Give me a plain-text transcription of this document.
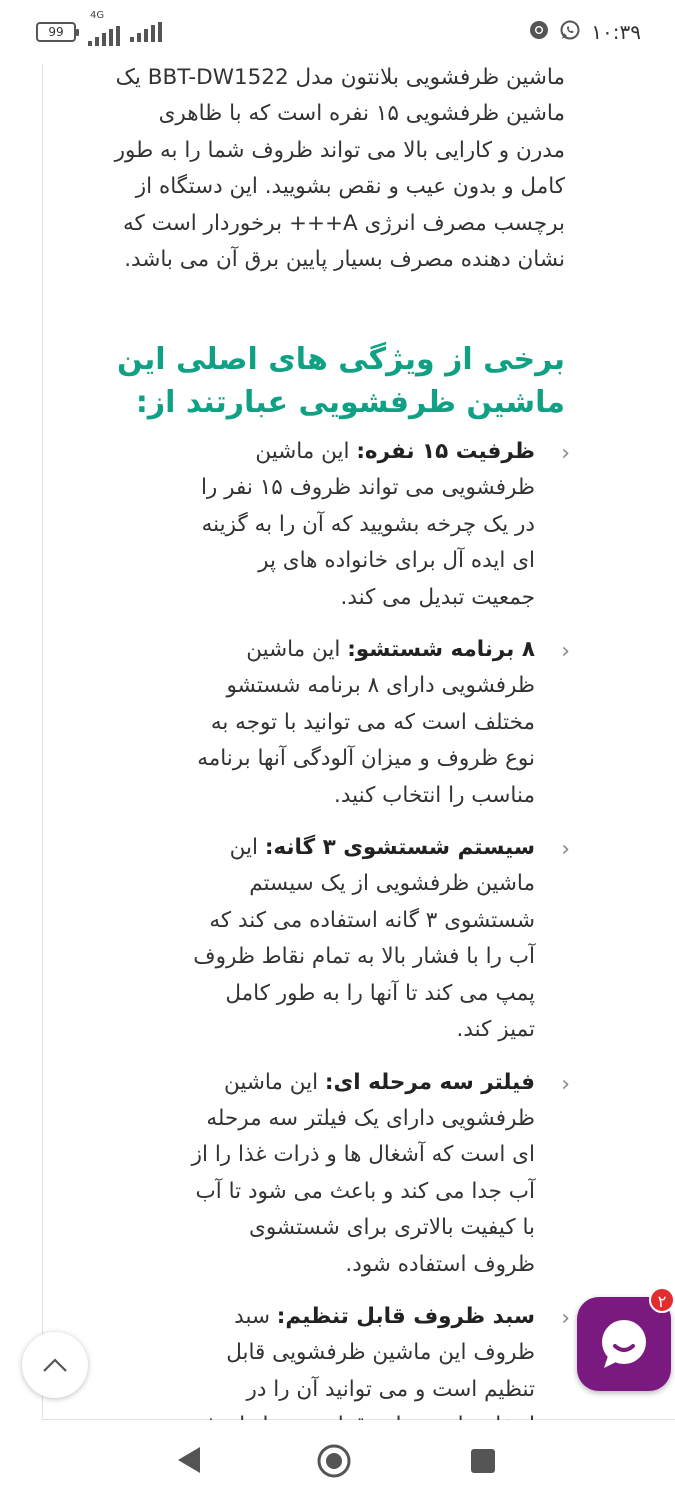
99
4G
۱۰:۳۹

ماشین ظرفشویی بلانتون مدل BBT-DW1522 یک ماشین ظرفشویی ۱۵ نفره است که با ظاهری مدرن و کارایی بالا می تواند ظروف شما را به طور کامل و بدون عیب و نقص بشویید. این دستگاه از برچسب مصرف انرژی A+++ برخوردار است که نشان دهنده مصرف بسیار پایین برق آن می باشد.

برخی از ویژگی های اصلی این ماشین ظرفشویی عبارتند از:
‹
ظرفیت ۱۵ نفره: این ماشین ظرفشویی می تواند ظروف ۱۵ نفر را در یک چرخه بشویید که آن را به گزینه ای ایده آل برای خانواده های پر جمعیت تبدیل می کند.
‹
۸ برنامه شستشو: این ماشین ظرفشویی دارای ۸ برنامه شستشو مختلف است که می توانید با توجه به نوع ظروف و میزان آلودگی آنها برنامه مناسب را انتخاب کنید.
‹
سیستم شستشوی ۳ گانه: این ماشین ظرفشویی از یک سیستم شستشوی ۳ گانه استفاده می کند که آب را با فشار بالا به تمام نقاط ظروف پمپ می کند تا آنها را به طور کامل تمیز کند.
‹
فیلتر سه مرحله ای: این ماشین ظرفشویی دارای یک فیلتر سه مرحله ای است که آشغال ها و ذرات غذا را از آب جدا می کند و باعث می شود تا آب با کیفیت بالاتری برای شستشوی ظروف استفاده شود.
‹
سبد ظروف قابل تنظیم: سبد ظروف این ماشین ظرفشویی قابل تنظیم است و می توانید آن را در
۲
